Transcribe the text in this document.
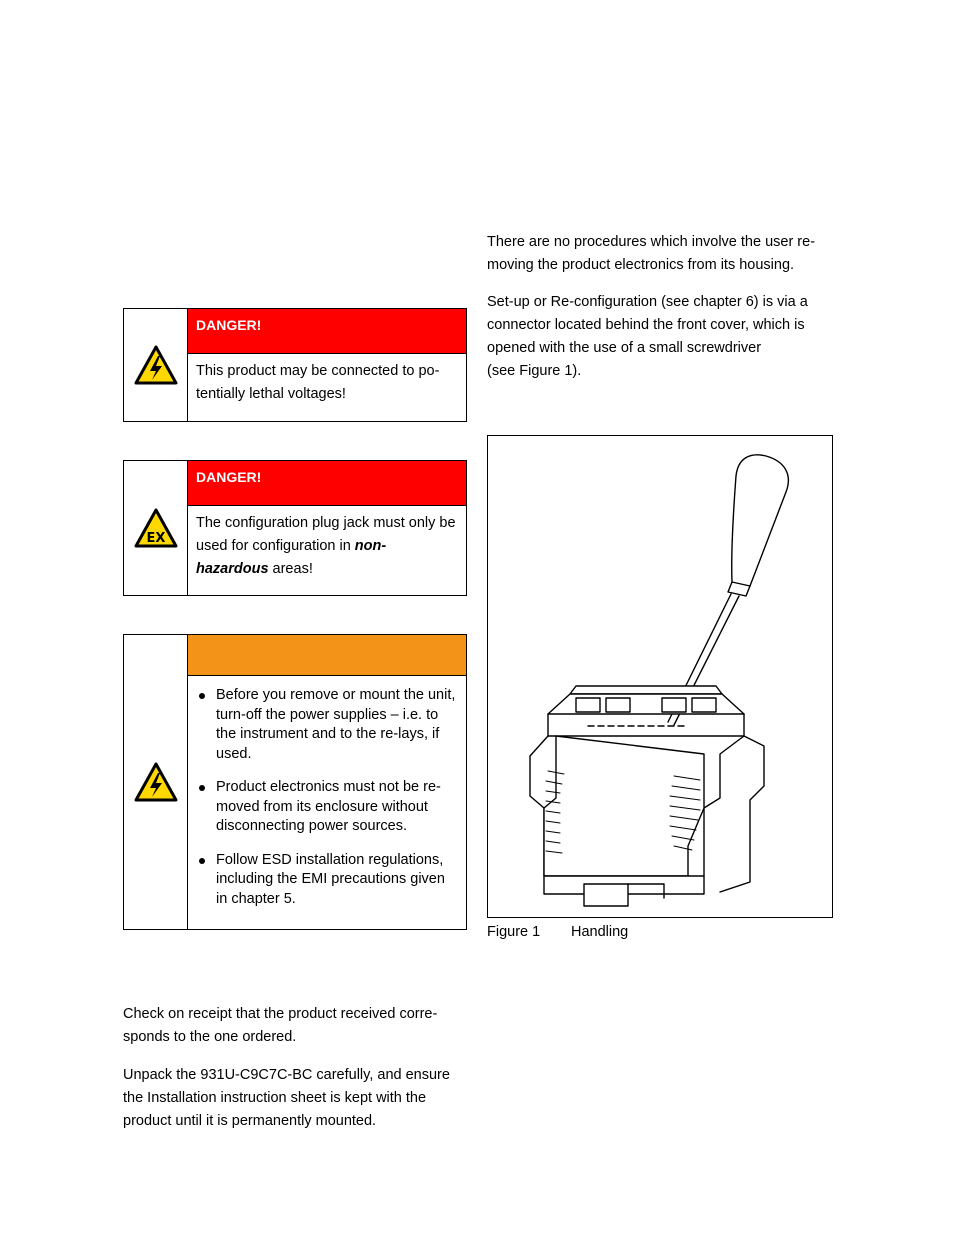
There are no procedures which involve the user re-moving the product electronics from its housing.

Set-up or Re-configuration (see chapter 6) is via a
connector located behind the front cover, which is
opened with the use of a small screwdriver
(see Figure 1).

DANGER!
This product may be connected to po-tentially lethal voltages!
EX
DANGER!
The configuration plug jack must only be used for configuration in non-hazardous areas!
Before you remove or mount the unit, turn-off the power supplies – i.e. to the instrument and to the re-lays, if used.
Product electronics must not be re-moved from its enclosure without disconnecting power sources.
Follow ESD installation regulations, including the EMI precautions given in chapter 5.
Figure 1 Handling

Check on receipt that the product received corre-sponds to the one ordered.

Unpack the 931U-C9C7C-BC carefully, and ensure the Installation instruction sheet is kept with the product until it is permanently mounted.
